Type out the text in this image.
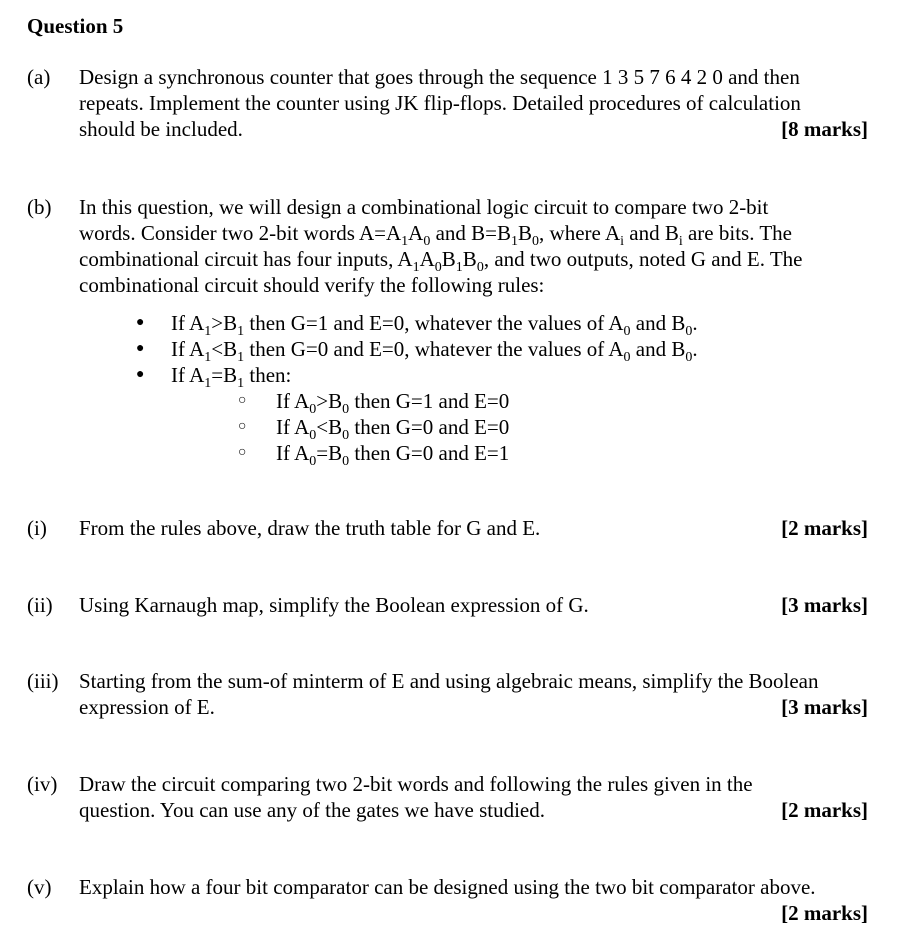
Question 5
(a) Design a synchronous counter that goes through the sequence 1 3 5 7 6 4 2 0 and then
repeats. Implement the counter using JK flip-flops. Detailed procedures of calculation
should be included.	[8 marks]
(b) In this question, we will design a combinational logic circuit to compare two 2-bit
words. Consider two 2-bit words $A=A_1A_0$ and $B=B_1B_0$, where $A_i$ and $B_i$ are bits. The
combinational circuit has four inputs, $A_1A_0B_1B_0$, and two outputs, noted G and E. The
combinational circuit should verify the following rules:
● If $A_1>B_1$ then G=1 and E=0, whatever the values of $A_0$ and $B_0$.
● If $A_1<B_1$ then G=0 and E=0, whatever the values of $A_0$ and $B_0$.
● If $A_1=B_1$ then:
○ If $A_0>B_0$ then G=1 and E=0
○ If $A_0<B_0$ then G=0 and E=0
○ If $A_0=B_0$ then G=0 and E=1
(i) From the rules above, draw the truth table for G and E.	[2 marks]
(ii) Using Karnaugh map, simplify the Boolean expression of G.	[3 marks]
(iii) Starting from the sum-of minterm of E and using algebraic means, simplify the Boolean
expression of E.	[3 marks]
(iv) Draw the circuit comparing two 2-bit words and following the rules given in the
question. You can use any of the gates we have studied.	[2 marks]
(v) Explain how a four bit comparator can be designed using the two bit comparator above.
[2 marks]
